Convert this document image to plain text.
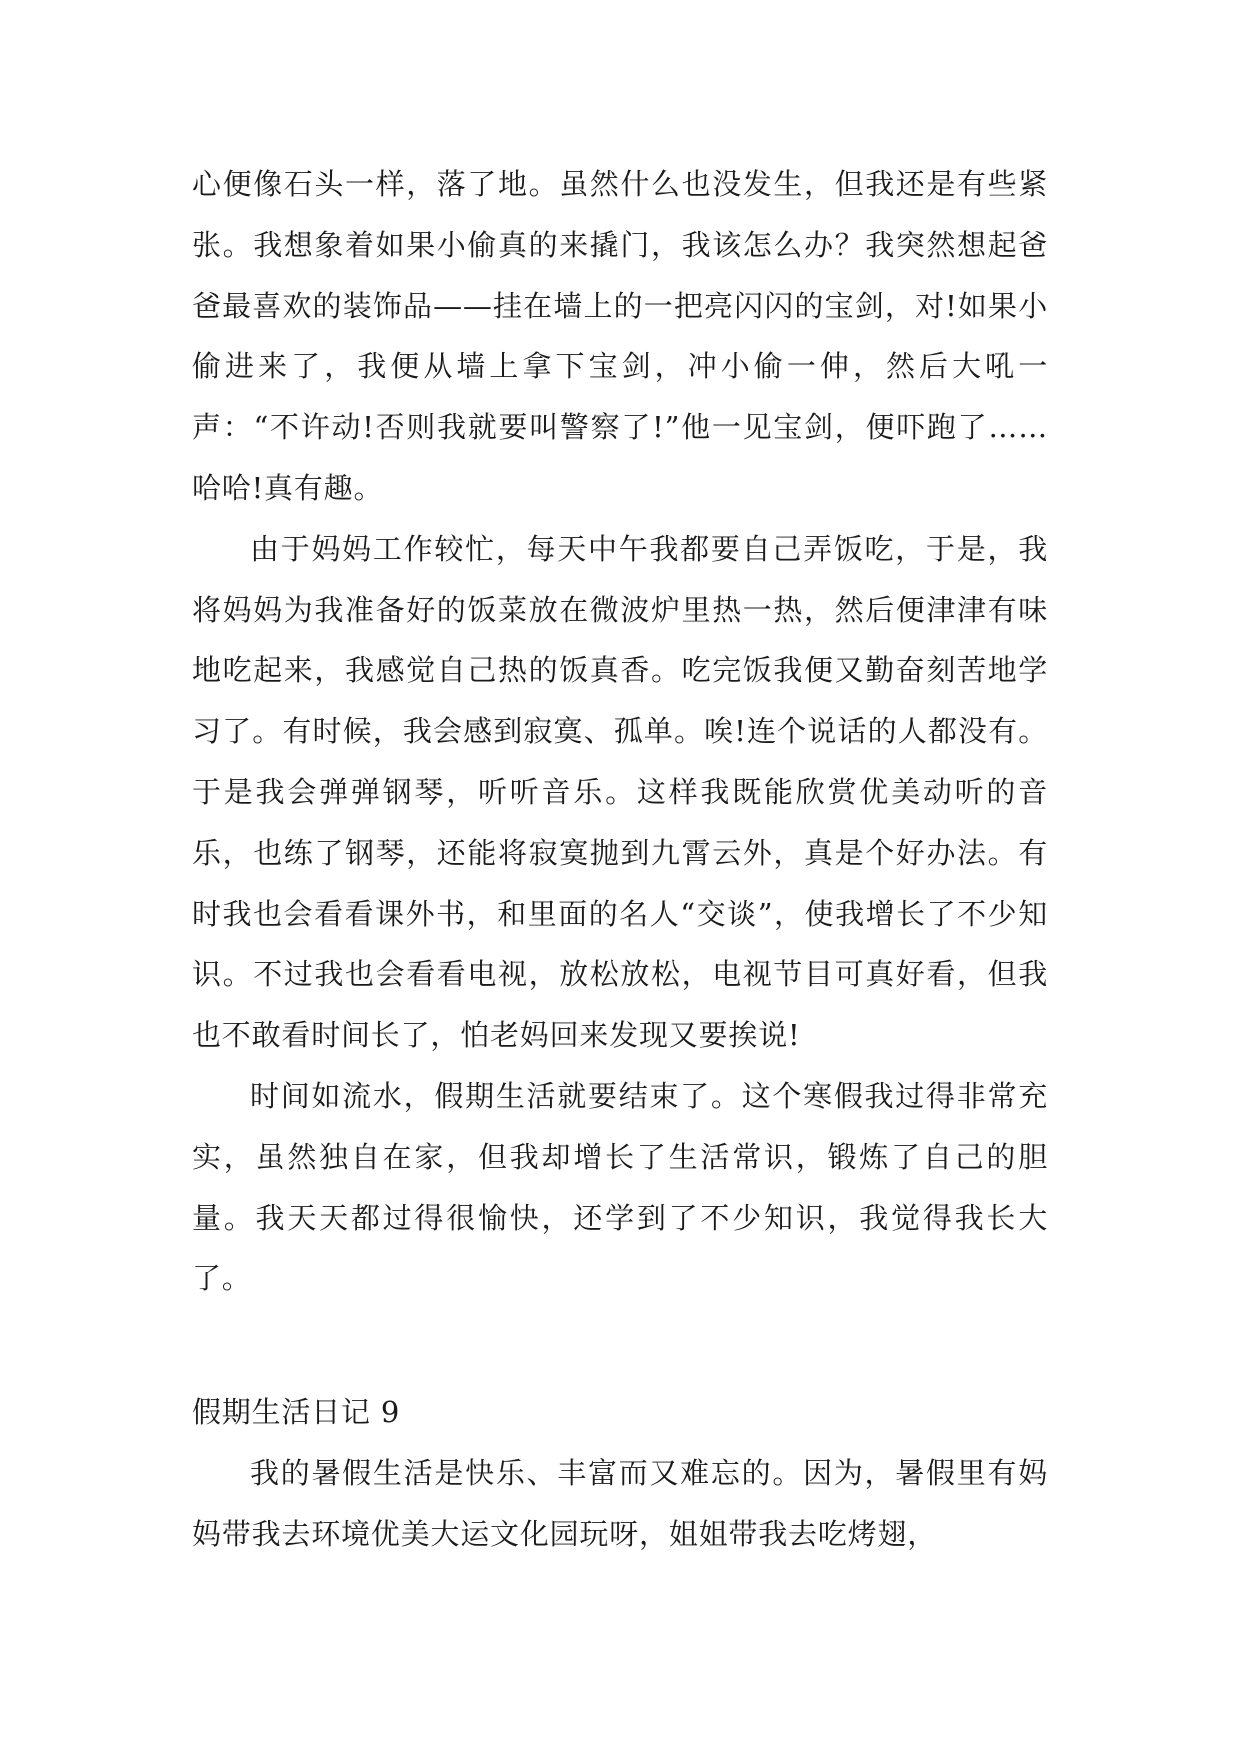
心便像石头一样，落了地。虽然什么也没发生，但我还是有些紧张。我想象着如果小偷真的来撬门，我该怎么办？我突然想起爸爸最喜欢的装饰品——挂在墙上的一把亮闪闪的宝剑，对!如果小偷进来了，我便从墙上拿下宝剑，冲小偷一伸，然后大吼一声：“不许动!否则我就要叫警察了!”他一见宝剑，便吓跑了……哈哈!真有趣。

由于妈妈工作较忙，每天中午我都要自己弄饭吃，于是，我将妈妈为我准备好的饭菜放在微波炉里热一热，然后便津津有味地吃起来，我感觉自己热的饭真香。吃完饭我便又勤奋刻苦地学习了。有时候，我会感到寂寞、孤单。唉!连个说话的人都没有。于是我会弹弹钢琴，听听音乐。这样我既能欣赏优美动听的音乐，也练了钢琴，还能将寂寞抛到九霄云外，真是个好办法。有时我也会看看课外书，和里面的名人“交谈”，使我增长了不少知识。不过我也会看看电视，放松放松，电视节目可真好看，但我也不敢看时间长了，怕老妈回来发现又要挨说!

时间如流水，假期生活就要结束了。这个寒假我过得非常充实，虽然独自在家，但我却增长了生活常识，锻炼了自己的胆量。我天天都过得很愉快，还学到了不少知识，我觉得我长大了。

假期生活日记 9

我的暑假生活是快乐、丰富而又难忘的。因为，暑假里有妈妈带我去环境优美大运文化园玩呀，姐姐带我去吃烤翅，
